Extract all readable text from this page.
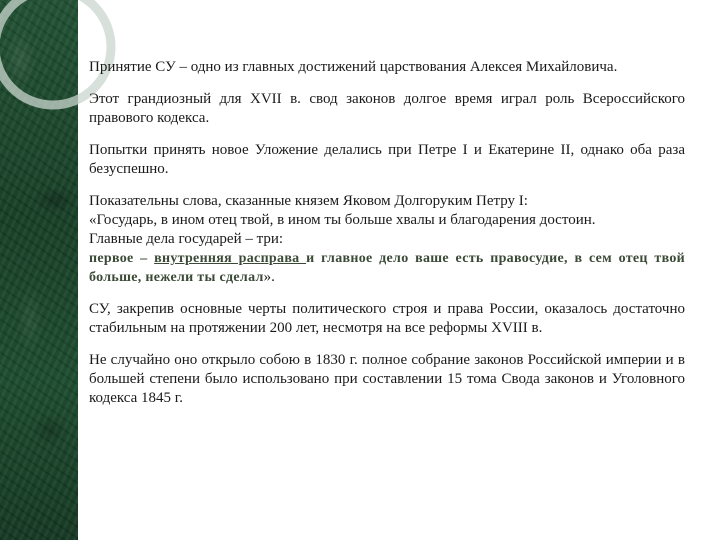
Принятие СУ – одно из главных достижений царствования Алексея Михайловича.

Этот грандиозный для XVII в. свод законов долгое время играл роль Всероссийского правового кодекса.

Попытки принять новое Уложение делались при Петре I и Екатерине II, однако оба раза безуспешно.

Показательны слова, сказанные князем Яковом Долгоруким Петру I:
«Государь, в ином отец твой, в ином ты больше хвалы и благодарения достоин.
Главные дела государей – три:
первое – внутренняя расправа и главное дело ваше есть правосудие, в сем отец твой больше, нежели ты сделал».

СУ, закрепив основные черты политического строя и права России, оказалось достаточно стабильным на протяжении 200 лет, несмотря на все реформы XVIII в.

Не случайно оно открыло собою в 1830 г. полное собрание законов Российской империи и в большей степени было использовано при составлении 15 тома Свода законов и Уголовного кодекса 1845 г.
